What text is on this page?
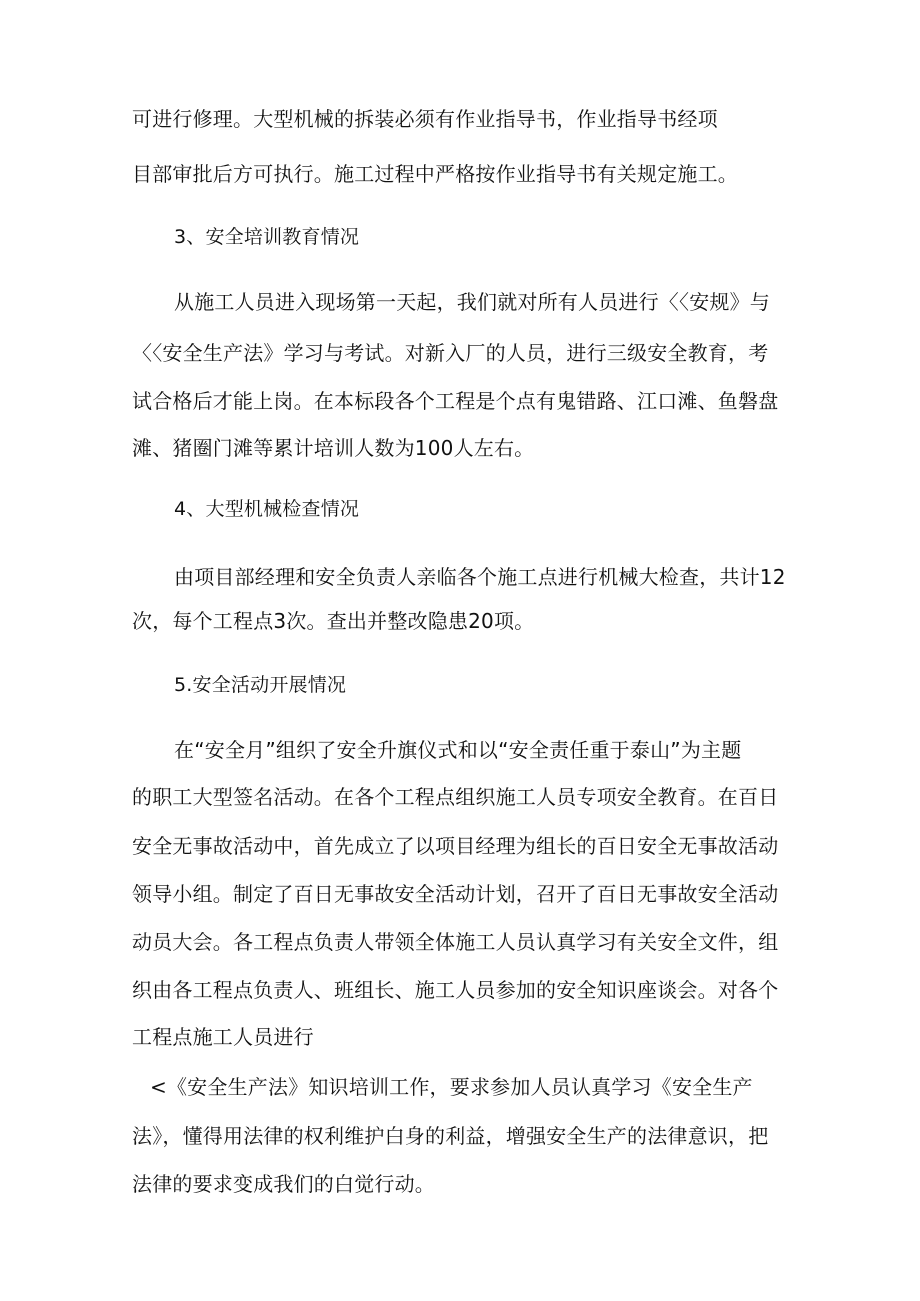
可进行修理。大型机械的拆装必须有作业指导书，作业指导书经项
目部审批后方可执行。施工过程中严格按作业指导书有关规定施工。
3、安全培训教育情况
从施工人员进入现场第一天起，我们就对所有人员进行〈〈安规》与
〈〈安全生产法》学习与考试。对新入厂的人员，进行三级安全教育，考
试合格后才能上岗。在本标段各个工程是个点有鬼错路、江口滩、鱼磐盘
滩、猪圈门滩等累计培训人数为100人左右。
4、大型机械检查情况
由项目部经理和安全负责人亲临各个施工点进行机械大检查，共计12
次，每个工程点3次。查出并整改隐患20项。
5.安全活动开展情况
在“安全月”组织了安全升旗仪式和以“安全责任重于泰山”为主题
的职工大型签名活动。在各个工程点组织施工人员专项安全教育。在百日
安全无事故活动中，首先成立了以项目经理为组长的百日安全无事故活动
领导小组。制定了百日无事故安全活动计划，召开了百日无事故安全活动
动员大会。各工程点负责人带领全体施工人员认真学习有关安全文件，组
织由各工程点负责人、班组长、施工人员参加的安全知识座谈会。对各个
工程点施工人员进行
<《安全生产法》知识培训工作，要求参加人员认真学习《安全生产
法》，懂得用法律的权利维护白身的利益，增强安全生产的法律意识，把
法律的要求变成我们的白觉行动。
